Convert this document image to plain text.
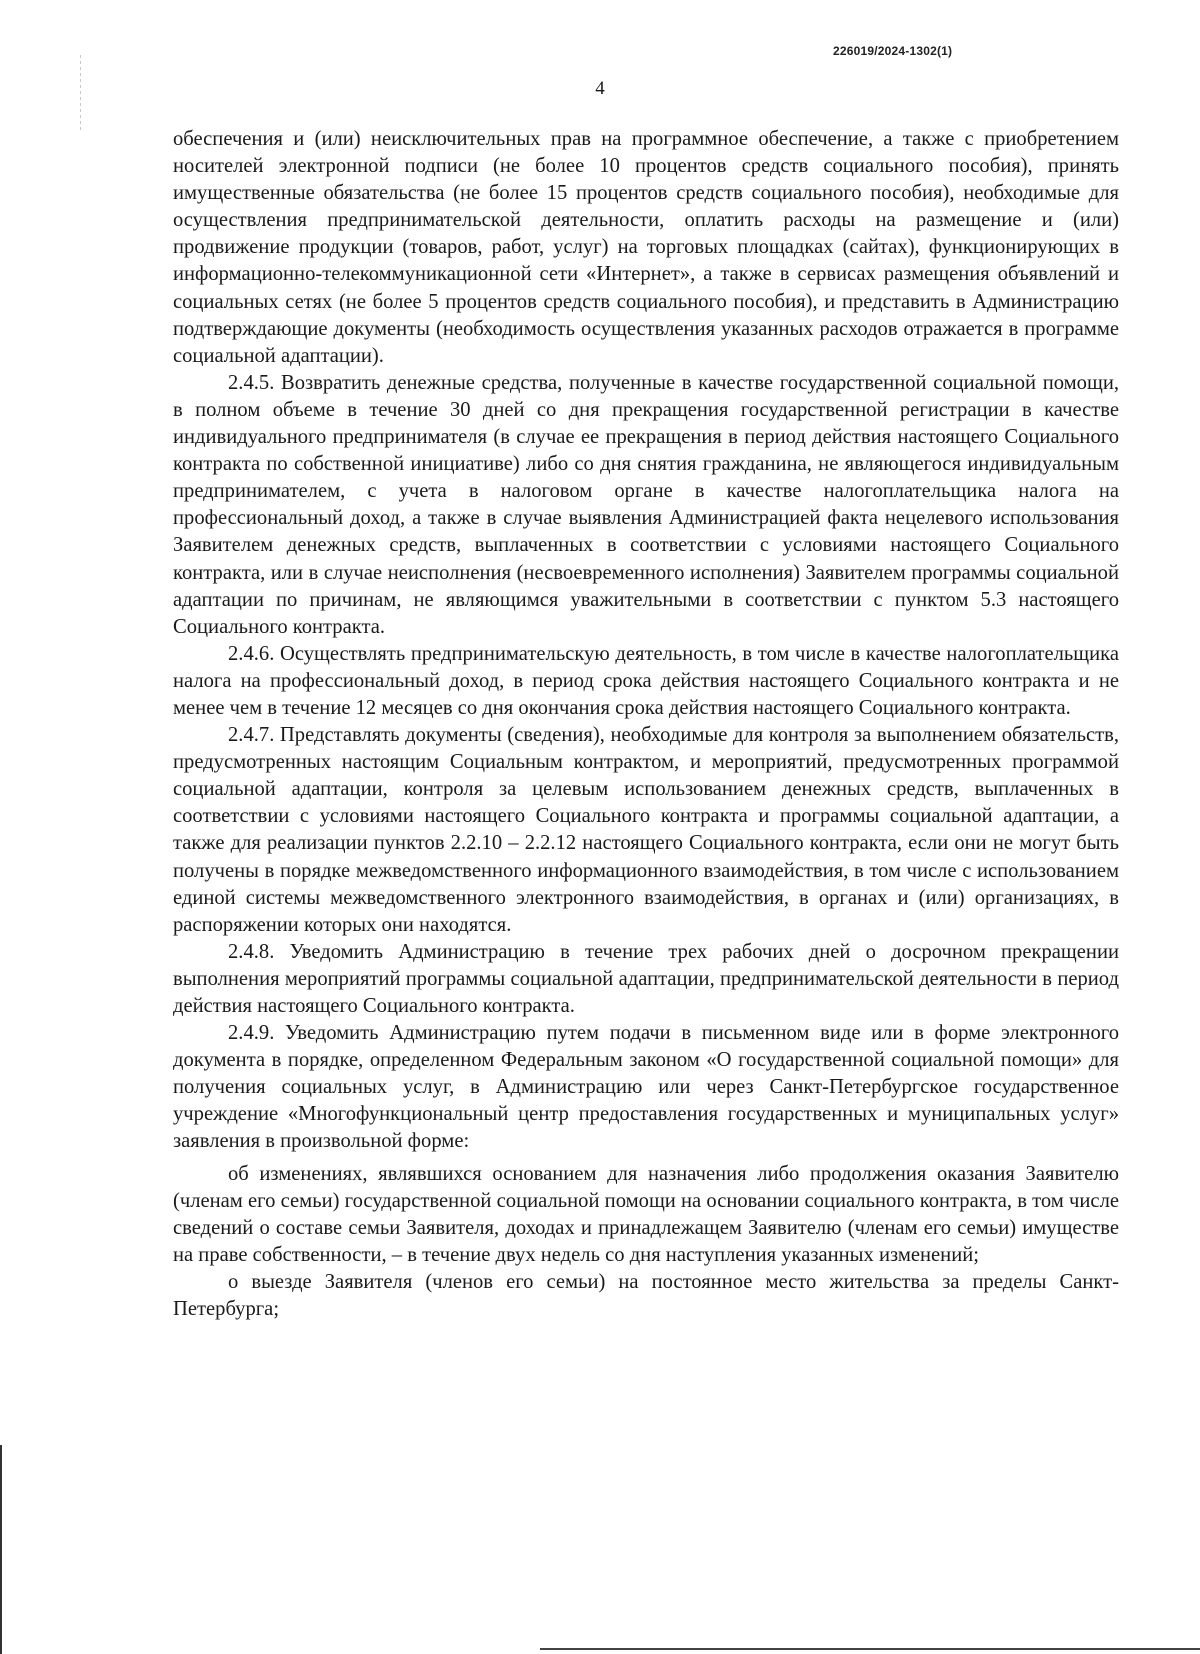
226019/2024-1302(1)
4

обеспечения и (или) неисключительных прав на программное обеспечение, а также с приобретением носителей электронной подписи (не более 10 процентов средств социального пособия), принять имущественные обязательства (не более 15 процентов средств социального пособия), необходимые для осуществления предпринимательской деятельности, оплатить расходы на размещение и (или) продвижение продукции (товаров, работ, услуг) на торговых площадках (сайтах), функционирующих в информационно-телекоммуникационной сети «Интернет», а также в сервисах размещения объявлений и социальных сетях (не более 5 процентов средств социального пособия), и представить в Администрацию подтверждающие документы (необходимость осуществления указанных расходов отражается в программе социальной адаптации).

2.4.5. Возвратить денежные средства, полученные в качестве государственной социальной помощи, в полном объеме в течение 30 дней со дня прекращения государственной регистрации в качестве индивидуального предпринимателя (в случае ее прекращения в период действия настоящего Социального контракта по собственной инициативе) либо со дня снятия гражданина, не являющегося индивидуальным предпринимателем, с учета в налоговом органе в качестве налогоплательщика налога на профессиональный доход, а также в случае выявления Администрацией факта нецелевого использования Заявителем денежных средств, выплаченных в соответствии с условиями настоящего Социального контракта, или в случае неисполнения (несвоевременного исполнения) Заявителем программы социальной адаптации по причинам, не являющимся уважительными в соответствии с пунктом 5.3 настоящего Социального контракта.

2.4.6. Осуществлять предпринимательскую деятельность, в том числе в качестве налогоплательщика налога на профессиональный доход, в период срока действия настоящего Социального контракта и не менее чем в течение 12 месяцев со дня окончания срока действия настоящего Социального контракта.

2.4.7. Представлять документы (сведения), необходимые для контроля за выполнением обязательств, предусмотренных настоящим Социальным контрактом, и мероприятий, предусмотренных программой социальной адаптации, контроля за целевым использованием денежных средств, выплаченных в соответствии с условиями настоящего Социального контракта и программы социальной адаптации, а также для реализации пунктов 2.2.10 – 2.2.12 настоящего Социального контракта, если они не могут быть получены в порядке межведомственного информационного взаимодействия, в том числе с использованием единой системы межведомственного электронного взаимодействия, в органах и (или) организациях, в распоряжении которых они находятся.

2.4.8. Уведомить Администрацию в течение трех рабочих дней о досрочном прекращении выполнения мероприятий программы социальной адаптации, предпринимательской деятельности в период действия настоящего Социального контракта.

2.4.9. Уведомить Администрацию путем подачи в письменном виде или в форме электронного документа в порядке, определенном Федеральным законом «О государственной социальной помощи» для получения социальных услуг, в Администрацию или через Санкт-Петербургское государственное учреждение «Многофункциональный центр предоставления государственных и муниципальных услуг» заявления в произвольной форме:

об изменениях, являвшихся основанием для назначения либо продолжения оказания Заявителю (членам его семьи) государственной социальной помощи на основании социального контракта, в том числе сведений о составе семьи Заявителя, доходах и принадлежащем Заявителю (членам его семьи) имуществе на праве собственности, – в течение двух недель со дня наступления указанных изменений;

о выезде Заявителя (членов его семьи) на постоянное место жительства за пределы Санкт-Петербурга;
